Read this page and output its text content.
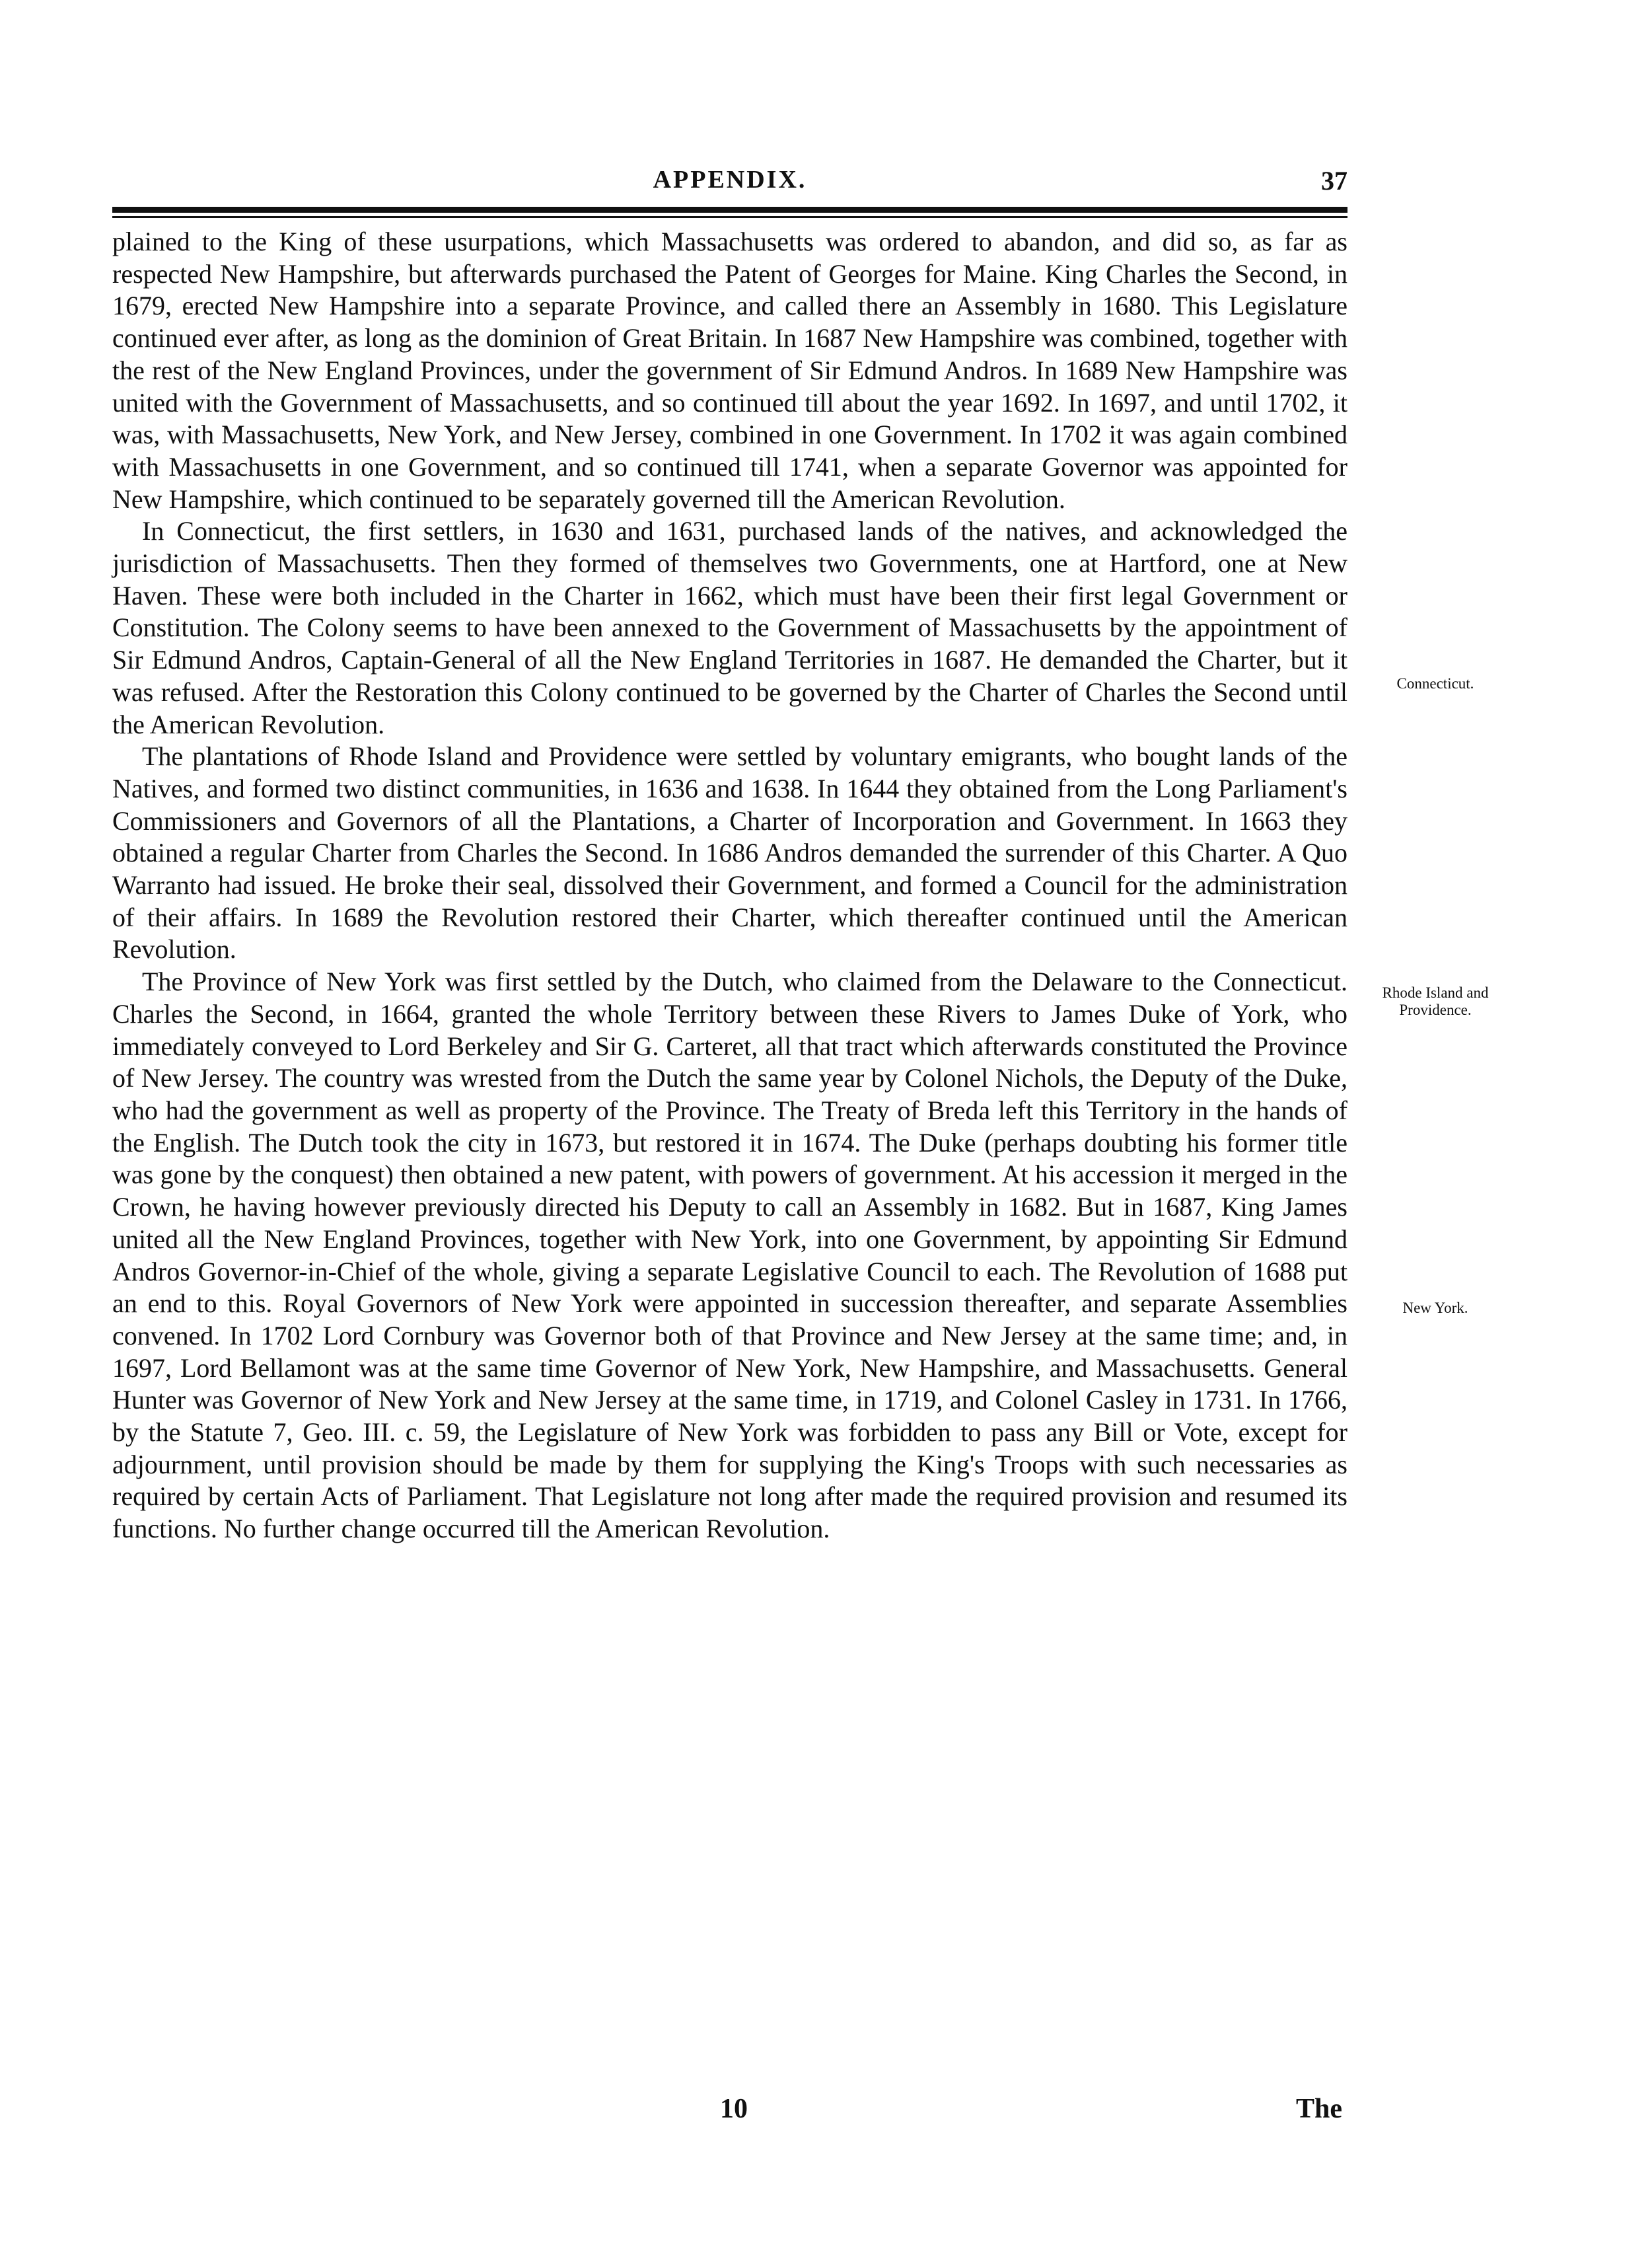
APPENDIX.	37

plained to the King of these usurpations, which Massachusetts was ordered to abandon, and did so, as far as respected New Hampshire, but afterwards purchased the Patent of Georges for Maine. King Charles the Second, in 1679, erected New Hampshire into a separate Province, and called there an Assembly in 1680. This Legislature continued ever after, as long as the dominion of Great Britain. In 1687 New Hampshire was combined, together with the rest of the New England Provinces, under the government of Sir Edmund Andros. In 1689 New Hampshire was united with the Government of Massachusetts, and so continued till about the year 1692. In 1697, and until 1702, it was, with Massachusetts, New York, and New Jersey, combined in one Government. In 1702 it was again combined with Massachusetts in one Government, and so continued till 1741, when a separate Governor was appointed for New Hampshire, which continued to be separately governed till the American Revolution.

In Connecticut, the first settlers, in 1630 and 1631, purchased lands of the natives, and acknowledged the jurisdiction of Massachusetts. Then they formed of themselves two Governments, one at Hartford, one at New Haven. These were both included in the Charter in 1662, which must have been their first legal Government or Constitution. The Colony seems to have been annexed to the Government of Massachusetts by the appointment of Sir Edmund Andros, Captain-General of all the New England Territories in 1687. He demanded the Charter, but it was refused. After the Restoration this Colony continued to be governed by the Charter of Charles the Second until the American Revolution.

The plantations of Rhode Island and Providence were settled by voluntary emigrants, who bought lands of the Natives, and formed two distinct communities, in 1636 and 1638. In 1644 they obtained from the Long Parliament's Commissioners and Governors of all the Plantations, a Charter of Incorporation and Government. In 1663 they obtained a regular Charter from Charles the Second. In 1686 Andros demanded the surrender of this Charter. A Quo Warranto had issued. He broke their seal, dissolved their Government, and formed a Council for the administration of their affairs. In 1689 the Revolution restored their Charter, which thereafter continued until the American Revolution.

The Province of New York was first settled by the Dutch, who claimed from the Delaware to the Connecticut. Charles the Second, in 1664, granted the whole Territory between these Rivers to James Duke of York, who immediately conveyed to Lord Berkeley and Sir G. Carteret, all that tract which afterwards constituted the Province of New Jersey. The country was wrested from the Dutch the same year by Colonel Nichols, the Deputy of the Duke, who had the government as well as property of the Province. The Treaty of Breda left this Territory in the hands of the English. The Dutch took the city in 1673, but restored it in 1674. The Duke (perhaps doubting his former title was gone by the conquest) then obtained a new patent, with powers of government. At his accession it merged in the Crown, he having however previously directed his Deputy to call an Assembly in 1682. But in 1687, King James united all the New England Provinces, together with New York, into one Government, by appointing Sir Edmund Andros Governor-in-Chief of the whole, giving a separate Legislative Council to each. The Revolution of 1688 put an end to this. Royal Governors of New York were appointed in succession thereafter, and separate Assemblies convened. In 1702 Lord Cornbury was Governor both of that Province and New Jersey at the same time; and, in 1697, Lord Bellamont was at the same time Governor of New York, New Hampshire, and Massachusetts. General Hunter was Governor of New York and New Jersey at the same time, in 1719, and Colonel Casley in 1731. In 1766, by the Statute 7, Geo. III. c. 59, the Legislature of New York was forbidden to pass any Bill or Vote, except for adjournment, until provision should be made by them for supplying the King's Troops with such necessaries as required by certain Acts of Parliament. That Legislature not long after made the required provision and resumed its functions. No further change occurred till the American Revolution.

Connecticut.
Rhode Island and Providence.
New York.
10	The
